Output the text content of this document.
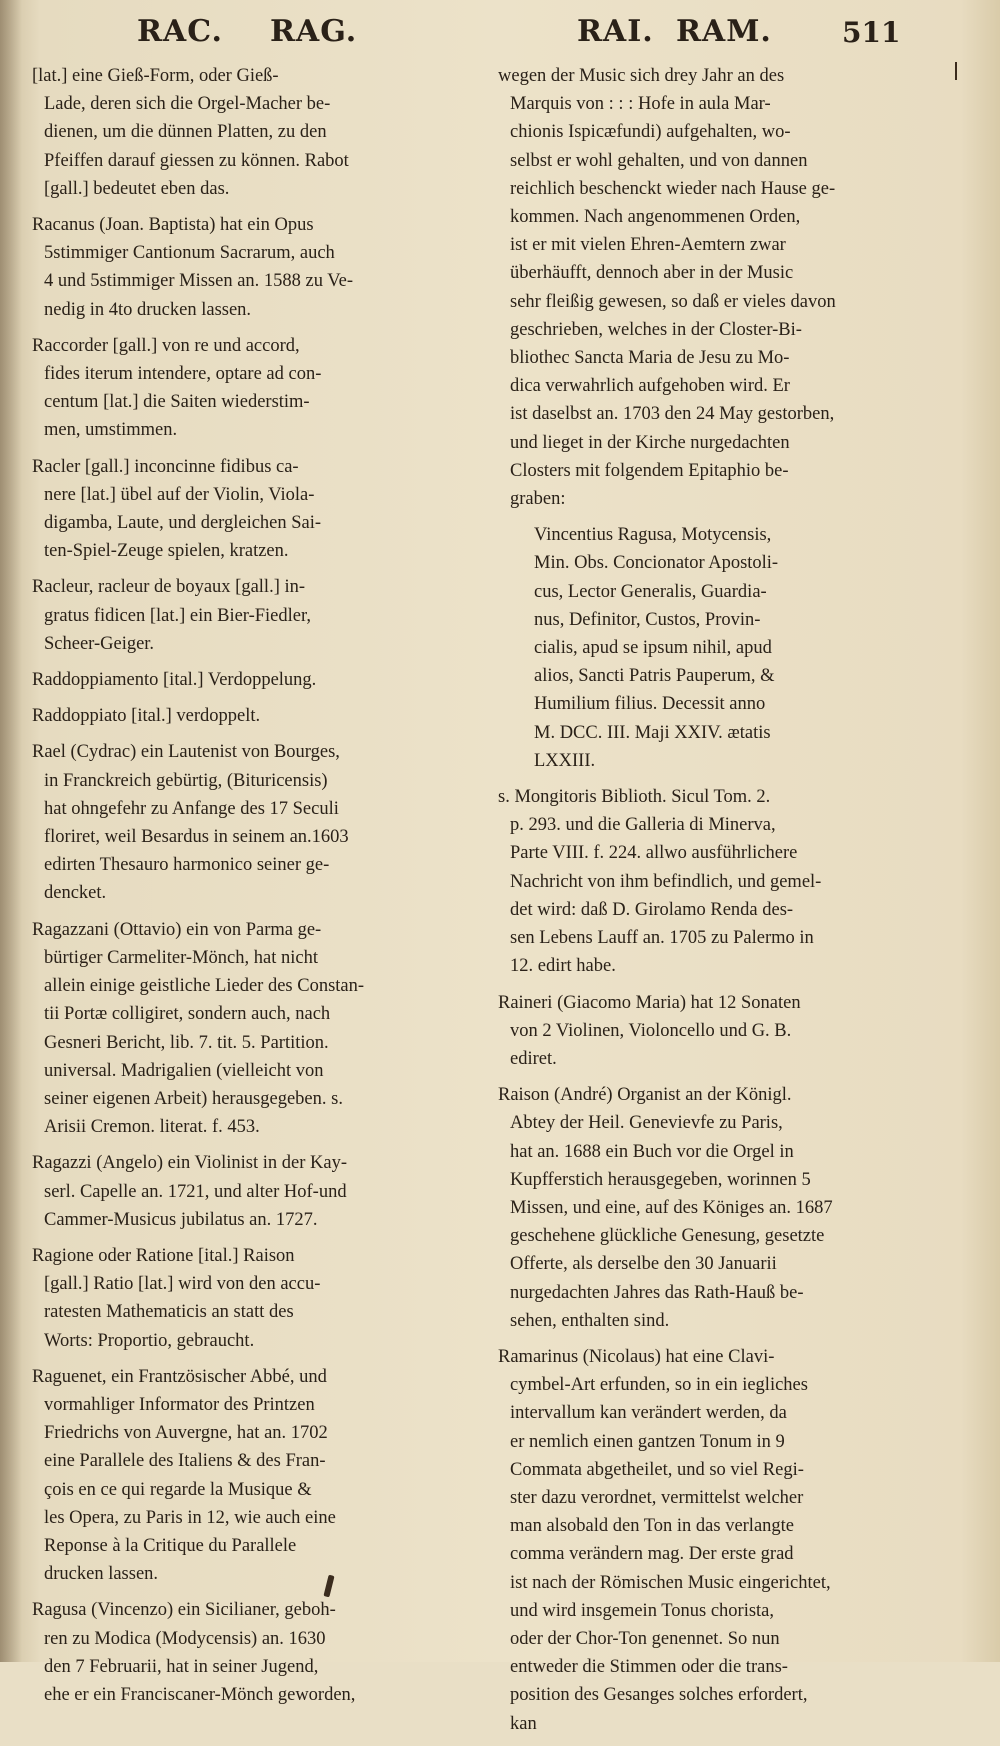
RAC. RAG.	RAI. RAM.	511
[lat.] eine Gieß-Form, oder Gieß-
Lade, deren sich die Orgel-Macher be-
dienen, um die dünnen Platten, zu den
Pfeiffen darauf giessen zu können. Rabot
[gall.] bedeutet eben das.
Racanus (Joan. Baptista) hat ein Opus
5stimmiger Cantionum Sacrarum, auch
4 und 5stimmiger Missen an. 1588 zu Ve-
nedig in 4to drucken lassen.
Raccorder [gall.] von re und accord,
fides iterum intendere, optare ad con-
centum [lat.] die Saiten wiederstim-
men, umstimmen.
Racler [gall.] inconcinne fidibus ca-
nere [lat.] übel auf der Violin, Viola-
digamba, Laute, und dergleichen Sai-
ten-Spiel-Zeuge spielen, kratzen.
Racleur, racleur de boyaux [gall.] in-
gratus fidicen [lat.] ein Bier-Fiedler,
Scheer-Geiger.
Raddoppiamento [ital.] Verdoppelung.
Raddoppiato [ital.] verdoppelt.
Rael (Cydrac) ein Lautenist von Bourges,
in Franckreich gebürtig, (Bituricensis)
hat ohngefehr zu Anfange des 17 Seculi
floriret, weil Besardus in seinem an.1603
edirten Thesauro harmonico seiner ge-
dencket.
Ragazzani (Ottavio) ein von Parma ge-
bürtiger Carmeliter-Mönch, hat nicht
allein einige geistliche Lieder des Constan-
tii Portæ colligiret, sondern auch, nach
Gesneri Bericht, lib. 7. tit. 5. Partition.
universal. Madrigalien (vielleicht von
seiner eigenen Arbeit) herausgegeben. s.
Arisii Cremon. literat. f. 453.
Ragazzi (Angelo) ein Violinist in der Kay-
serl. Capelle an. 1721, und alter Hof-und
Cammer-Musicus jubilatus an. 1727.
Ragione oder Ratione [ital.] Raison
[gall.] Ratio [lat.] wird von den accu-
ratesten Mathematicis an statt des
Worts: Proportio, gebraucht.
Raguenet, ein Frantzösischer Abbé, und
vormahliger Informator des Printzen
Friedrichs von Auvergne, hat an. 1702
eine Parallele des Italiens & des Fran-
çois en ce qui regarde la Musique &
les Opera, zu Paris in 12, wie auch eine
Reponse à la Critique du Parallele
drucken lassen.
Ragusa (Vincenzo) ein Sicilianer, geboh-
ren zu Modica (Modycensis) an. 1630
den 7 Februarii, hat in seiner Jugend,
ehe er ein Franciscaner-Mönch geworden,
wegen der Music sich drey Jahr an des
Marquis von : : : Hofe in aula Mar-
chionis Ispicæfundi) aufgehalten, wo-
selbst er wohl gehalten, und von dannen
reichlich beschenckt wieder nach Hause ge-
kommen. Nach angenommenen Orden,
ist er mit vielen Ehren-Aemtern zwar
überhäufft, dennoch aber in der Music
sehr fleißig gewesen, so daß er vieles davon
geschrieben, welches in der Closter-Bi-
bliothec Sancta Maria de Jesu zu Mo-
dica verwahrlich aufgehoben wird. Er
ist daselbst an. 1703 den 24 May gestorben,
und lieget in der Kirche nurgedachten
Closters mit folgendem Epitaphio be-
graben:
Vincentius Ragusa, Motycensis,
Min. Obs. Concionator Apostoli-
cus, Lector Generalis, Guardia-
nus, Definitor, Custos, Provin-
cialis, apud se ipsum nihil, apud
alios, Sancti Patris Pauperum, &
Humilium filius. Decessit anno
M. DCC. III. Maji XXIV. ætatis
LXXIII.
s. Mongitoris Biblioth. Sicul Tom. 2.
p. 293. und die Galleria di Minerva,
Parte VIII. f. 224. allwo ausführlichere
Nachricht von ihm befindlich, und gemel-
det wird: daß D. Girolamo Renda des-
sen Lebens Lauff an. 1705 zu Palermo in
12. edirt habe.
Raineri (Giacomo Maria) hat 12 Sonaten
von 2 Violinen, Violoncello und G. B.
ediret.
Raison (André) Organist an der Königl.
Abtey der Heil. Genevievfe zu Paris,
hat an. 1688 ein Buch vor die Orgel in
Kupfferstich herausgegeben, worinnen 5
Missen, und eine, auf des Königes an. 1687
geschehene glückliche Genesung, gesetzte
Offerte, als derselbe den 30 Januarii
nurgedachten Jahres das Rath-Hauß be-
sehen, enthalten sind.
Ramarinus (Nicolaus) hat eine Clavi-
cymbel-Art erfunden, so in ein iegliches
intervallum kan verändert werden, da
er nemlich einen gantzen Tonum in 9
Commata abgetheilet, und so viel Regi-
ster dazu verordnet, vermittelst welcher
man alsobald den Ton in das verlangte
comma verändern mag. Der erste grad
ist nach der Römischen Music eingerichtet,
und wird insgemein Tonus chorista,
oder der Chor-Ton genennet. So nun
entweder die Stimmen oder die trans-
position des Gesanges solches erfordert,
kan
